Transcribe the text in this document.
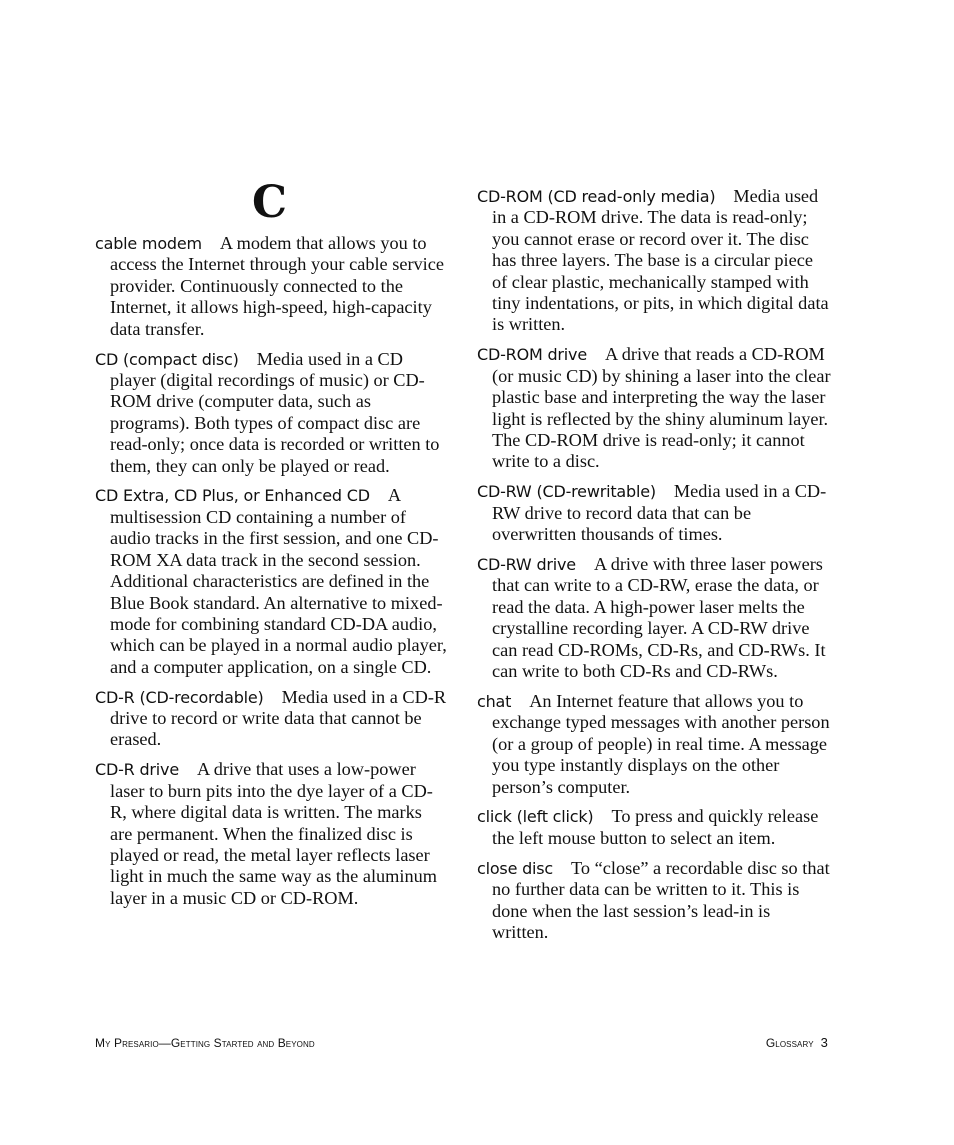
C

cable modem A modem that allows you to access the Internet through your cable service provider. Continuously connected to the Internet, it allows high-speed, high-capacity data transfer.

CD (compact disc) Media used in a CD player (digital recordings of music) or CD-ROM drive (computer data, such as programs). Both types of compact disc are read-only; once data is recorded or written to them, they can only be played or read.

CD Extra, CD Plus, or Enhanced CD A multisession CD containing a number of audio tracks in the first session, and one CD-ROM XA data track in the second session. Additional characteristics are defined in the Blue Book standard. An alternative to mixed-mode for combining standard CD-DA audio, which can be played in a normal audio player, and a computer application, on a single CD.

CD-R (CD-recordable) Media used in a CD-R drive to record or write data that cannot be erased.

CD-R drive A drive that uses a low-power laser to burn pits into the dye layer of a CD-R, where digital data is written. The marks are permanent. When the finalized disc is played or read, the metal layer reflects laser light in much the same way as the aluminum layer in a music CD or CD-ROM.

CD-ROM (CD read-only media) Media used in a CD-ROM drive. The data is read-only; you cannot erase or record over it. The disc has three layers. The base is a circular piece of clear plastic, mechanically stamped with tiny indentations, or pits, in which digital data is written.

CD-ROM drive A drive that reads a CD-ROM (or music CD) by shining a laser into the clear plastic base and interpreting the way the laser light is reflected by the shiny aluminum layer. The CD-ROM drive is read-only; it cannot write to a disc.

CD-RW (CD-rewritable) Media used in a CD-RW drive to record data that can be overwritten thousands of times.

CD-RW drive A drive with three laser powers that can write to a CD-RW, erase the data, or read the data. A high-power laser melts the crystalline recording layer. A CD-RW drive can read CD-ROMs, CD-Rs, and CD-RWs. It can write to both CD-Rs and CD-RWs.

chat An Internet feature that allows you to exchange typed messages with another person (or a group of people) in real time. A message you type instantly displays on the other person’s computer.

click (left click) To press and quickly release the left mouse button to select an item.

close disc To “close” a recordable disc so that no further data can be written to it. This is done when the last session’s lead-in is written.

My Presario—Getting Started and Beyond	Glossary 3
